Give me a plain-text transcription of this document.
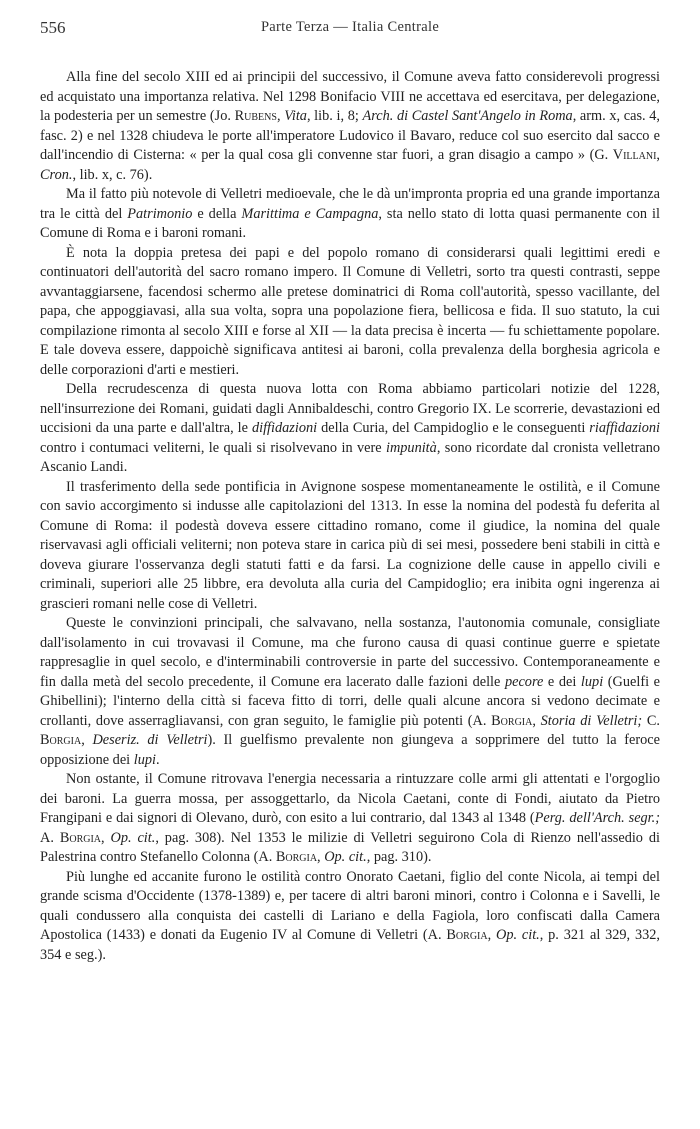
556	Parte Terza — Italia Centrale

Alla fine del secolo XIII ed ai principii del successivo, il Comune aveva fatto considerevoli progressi ed acquistato una importanza relativa. Nel 1298 Bonifacio VIII ne accettava ed esercitava, per delegazione, la podesteria per un semestre (Jo. Rubens, Vita, lib. i, 8; Arch. di Castel Sant'Angelo in Roma, arm. x, cas. 4, fasc. 2) e nel 1328 chiudeva le porte all'imperatore Ludovico il Bavaro, reduce col suo esercito dal sacco e dall'incendio di Cisterna: « per la qual cosa gli convenne star fuori, a gran disagio a campo » (G. Villani, Cron., lib. x, c. 76).

Ma il fatto più notevole di Velletri medioevale, che le dà un'impronta propria ed una grande importanza tra le città del Patrimonio e della Marittima e Campagna, sta nello stato di lotta quasi permanente con il Comune di Roma e i baroni romani.

È nota la doppia pretesa dei papi e del popolo romano di considerarsi quali legittimi eredi e continuatori dell'autorità del sacro romano impero. Il Comune di Velletri, sorto tra questi contrasti, seppe avvantaggiarsene, facendosi schermo alle pretese dominatrici di Roma coll'autorità, spesso vacillante, del papa, che appoggiavasi, alla sua volta, sopra una popolazione fiera, bellicosa e fida. Il suo statuto, la cui compilazione rimonta al secolo XIII e forse al XII — la data precisa è incerta — fu schiettamente popolare. E tale doveva essere, dappoichè significava antitesi ai baroni, colla prevalenza della borghesia agricola e delle corporazioni d'arti e mestieri.

Della recrudescenza di questa nuova lotta con Roma abbiamo particolari notizie del 1228, nell'insurrezione dei Romani, guidati dagli Annibaldeschi, contro Gregorio IX. Le scorrerie, devastazioni ed uccisioni da una parte e dall'altra, le diffidazioni della Curia, del Campidoglio e le conseguenti riaffidazioni contro i contumaci veliterni, le quali si risolvevano in vere impunità, sono ricordate dal cronista velletrano Ascanio Landi.

Il trasferimento della sede pontificia in Avignone sospese momentaneamente le ostilità, e il Comune con savio accorgimento si indusse alle capitolazioni del 1313. In esse la nomina del podestà fu deferita al Comune di Roma: il podestà doveva essere cittadino romano, come il giudice, la nomina del quale riservavasi agli officiali veliterni; non poteva stare in carica più di sei mesi, possedere beni stabili in città e doveva giurare l'osservanza degli statuti fatti e da farsi. La cognizione delle cause in appello civili e criminali, superiori alle 25 libbre, era devoluta alla curia del Campidoglio; era inibita ogni ingerenza ai grascieri romani nelle cose di Velletri.

Queste le convinzioni principali, che salvavano, nella sostanza, l'autonomia comunale, consigliate dall'isolamento in cui trovavasi il Comune, ma che furono causa di quasi continue guerre e spietate rappresaglie in quel secolo, e d'interminabili controversie in parte del successivo. Contemporaneamente e fin dalla metà del secolo precedente, il Comune era lacerato dalle fazioni delle pecore e dei lupi (Guelfi e Ghibellini); l'interno della città si faceva fitto di torri, delle quali alcune ancora si vedono decimate e crollanti, dove asserragliavansi, con gran seguito, le famiglie più potenti (A. Borgia, Storia di Velletri; C. Borgia, Deseriz. di Velletri). Il guelfismo prevalente non giungeva a sopprimere del tutto la feroce opposizione dei lupi.

Non ostante, il Comune ritrovava l'energia necessaria a rintuzzare colle armi gli attentati e l'orgoglio dei baroni. La guerra mossa, per assoggettarlo, da Nicola Caetani, conte di Fondi, aiutato da Pietro Frangipani e dai signori di Olevano, durò, con esito a lui contrario, dal 1343 al 1348 (Perg. dell'Arch. segr.; A. Borgia, Op. cit., pag. 308). Nel 1353 le milizie di Velletri seguirono Cola di Rienzo nell'assedio di Palestrina contro Stefanello Colonna (A. Borgia, Op. cit., pag. 310).

Più lunghe ed accanite furono le ostilità contro Onorato Caetani, figlio del conte Nicola, ai tempi del grande scisma d'Occidente (1378-1389) e, per tacere di altri baroni minori, contro i Colonna e i Savelli, le quali condussero alla conquista dei castelli di Lariano e della Fagiola, loro confiscati dalla Camera Apostolica (1433) e donati da Eugenio IV al Comune di Velletri (A. Borgia, Op. cit., p. 321 al 329, 332, 354 e seg.).
